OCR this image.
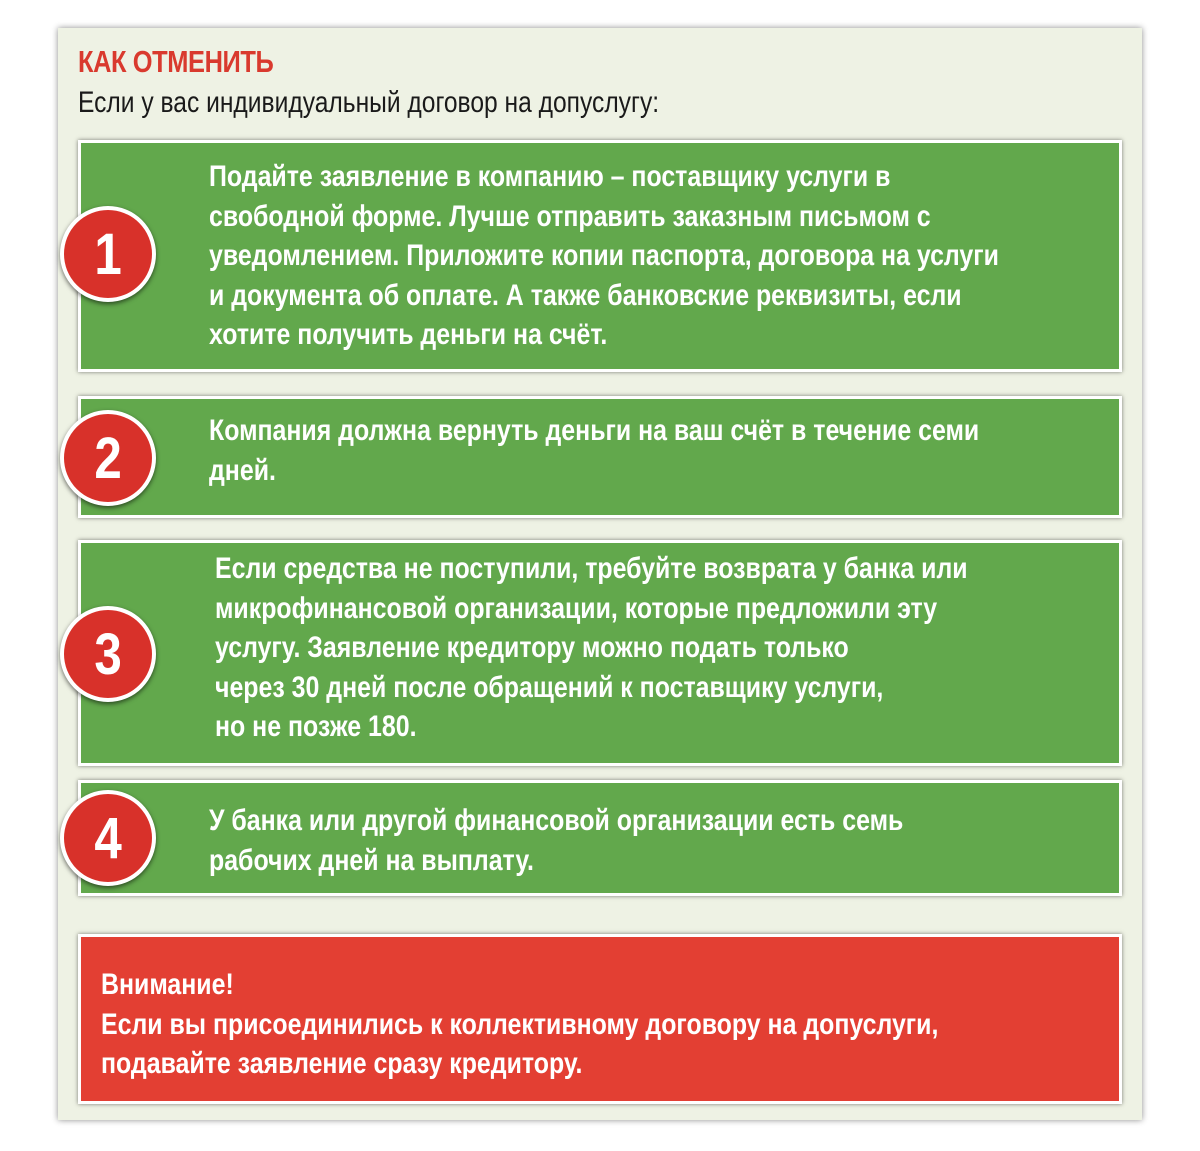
КАК ОТМЕНИТЬ
Если у вас индивидуальный договор на допуслугу:
Подайте заявление в компанию – поставщику услуги в
свободной форме. Лучше отправить заказным письмом с
уведомлением. Приложите копии паспорта, договора на услуги
и документа об оплате. А также банковские реквизиты, если
хотите получить деньги на счёт.
Компания должна вернуть деньги на ваш счёт в течение семи
дней.
Если средства не поступили, требуйте возврата у банка или
микрофинансовой организации, которые предложили эту
услугу. Заявление кредитору можно подать только
через 30 дней после обращений к поставщику услуги,
но не позже 180.
У банка или другой финансовой организации есть семь
рабочих дней на выплату.
1
2
3
4
Внимание!
Если вы присоединились к коллективному договору на допуслуги,
подавайте заявление сразу кредитору.
